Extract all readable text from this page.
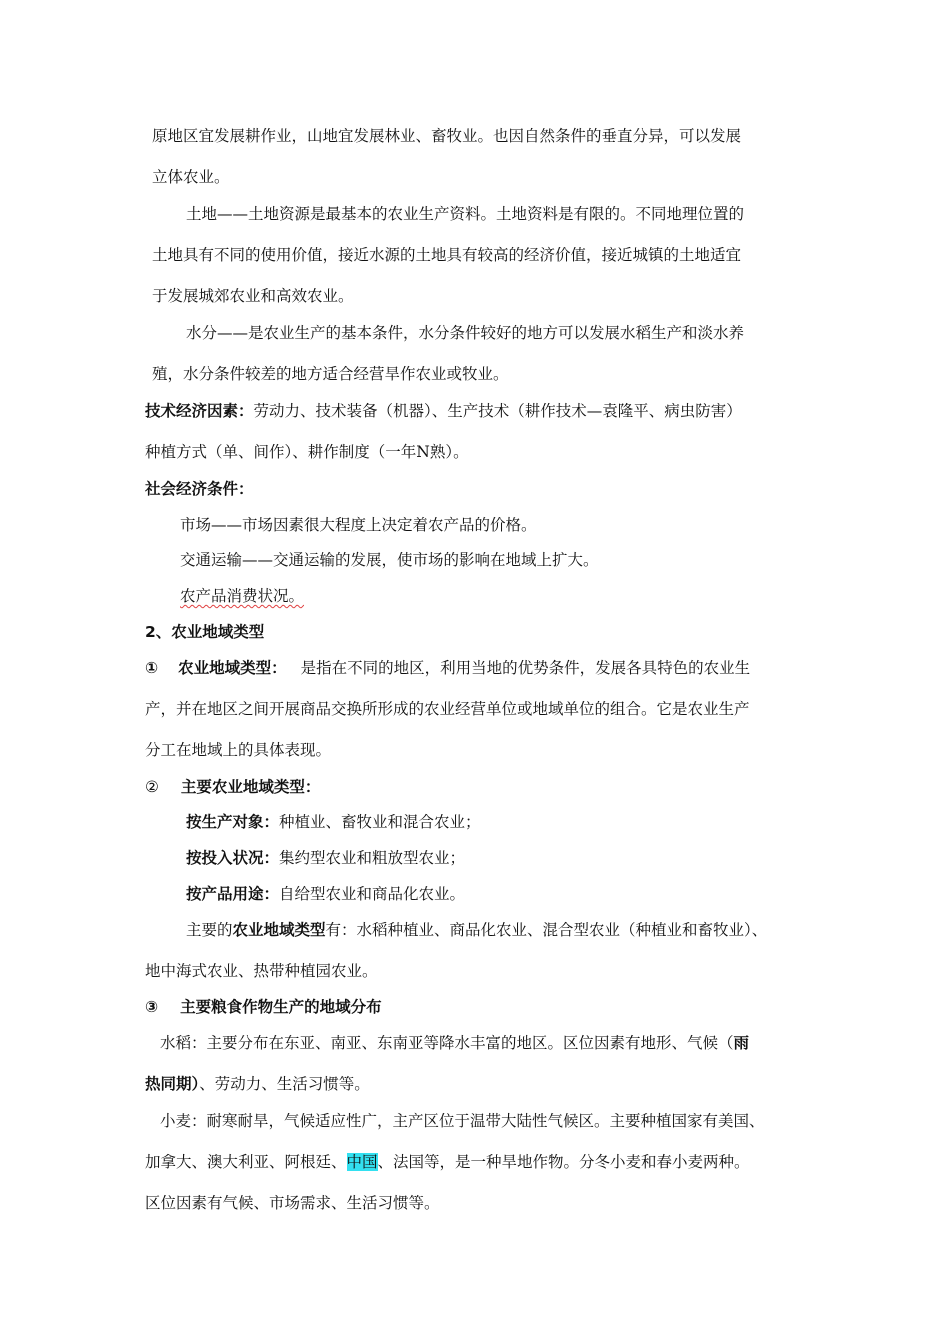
原地区宜发展耕作业，山地宜发展林业、畜牧业。也因自然条件的垂直分异，可以发展
立体农业。
土地——土地资源是最基本的农业生产资料。土地资料是有限的。不同地理位置的
土地具有不同的使用价值，接近水源的土地具有较高的经济价值，接近城镇的土地适宜
于发展城郊农业和高效农业。
水分——是农业生产的基本条件，水分条件较好的地方可以发展水稻生产和淡水养
殖，水分条件较差的地方适合经营旱作农业或牧业。
技术经济因素：劳动力、技术装备（机器）、生产技术（耕作技术—袁隆平、病虫防害）
种植方式（单、间作）、耕作制度（一年N熟）。
社会经济条件：
市场——市场因素很大程度上决定着农产品的价格。
交通运输——交通运输的发展，使市场的影响在地域上扩大。
农产品消费状况。
2、农业地域类型
① 农业地域类型： 是指在不同的地区，利用当地的优势条件，发展各具特色的农业生
产，并在地区之间开展商品交换所形成的农业经营单位或地域单位的组合。它是农业生产
分工在地域上的具体表现。
② 主要农业地域类型：
按生产对象：种植业、畜牧业和混合农业；
按投入状况：集约型农业和粗放型农业；
按产品用途：自给型农业和商品化农业。
主要的农业地域类型有：水稻种植业、商品化农业、混合型农业（种植业和畜牧业）、
地中海式农业、热带种植园农业。
③ 主要粮食作物生产的地域分布
水稻：主要分布在东亚、南亚、东南亚等降水丰富的地区。区位因素有地形、气候（雨
热同期）、劳动力、生活习惯等。
小麦：耐寒耐旱，气候适应性广，主产区位于温带大陆性气候区。主要种植国家有美国、
加拿大、澳大利亚、阿根廷、中国、法国等，是一种旱地作物。分冬小麦和春小麦两种。
区位因素有气候、市场需求、生活习惯等。
